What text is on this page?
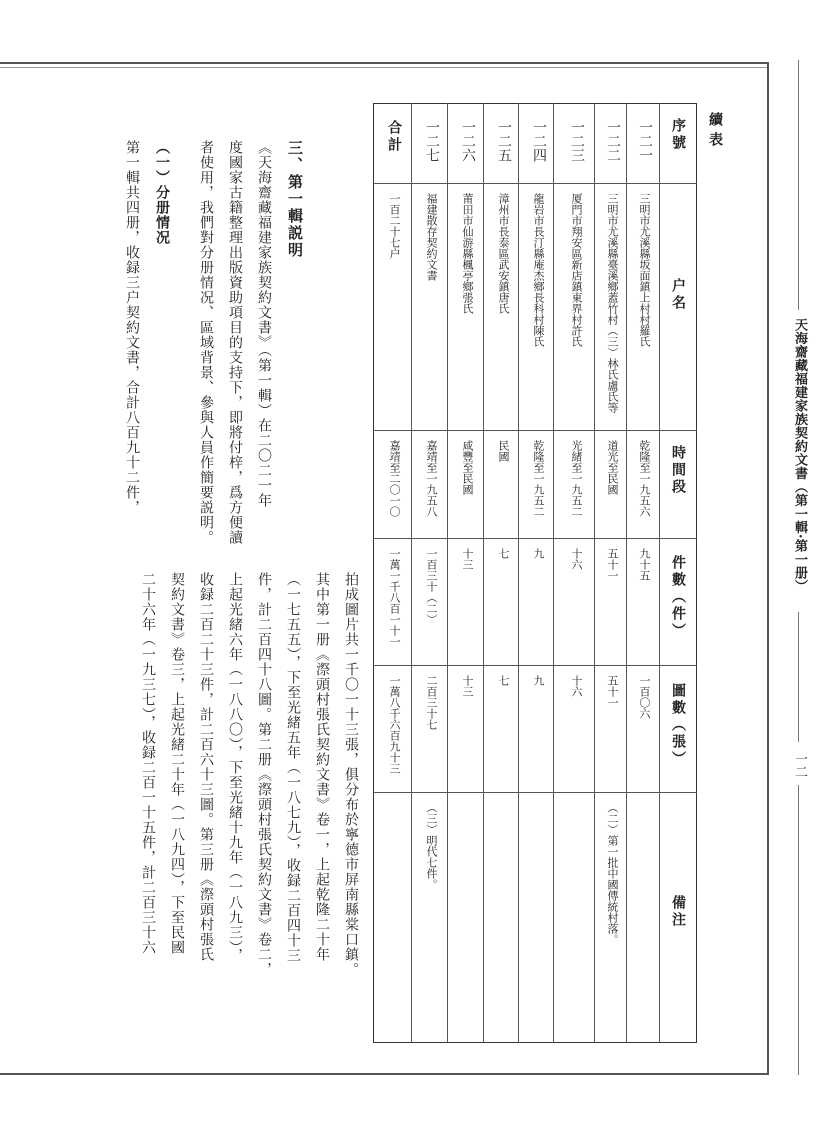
天海齋藏福建家族契約文書（第一輯·第一册）
一二
續表
序號
户名
時間段
件數（件）
圖數（張）
備注
一二一
三明市尤溪縣坂面鎮上村村羅氏
乾隆至一九五六
九十五
一百〇六
一二二
三明市尤溪縣臺溪鄉蓋竹村（三）林氏盧氏等
道光至民國
五十一
五十一
（二）第一批中國傳統村落。
一二三
厦門市翔安區新店鎮東界村許氏
光緒至一九五二
十六
十六
一二四
龍岩市長汀縣庵杰鄉長科村陳氏
乾隆至一九五二
九
九
一二五
漳州市長泰區武安鎮唐氏
民國
七
七
一二六
莆田市仙游縣楓亭鄉張氏
咸豐至民國
十三
十三
一二七
福建散存契約文書
嘉靖至一九五八
一百三十（二）
二百三十七
（三）明代七件。
合計
一百二十七户
嘉靖至二〇一〇
一萬一千八百一十一
一萬八千六百九十三
拍成圖片共一千〇一十三張，俱分布於寧德市屏南縣棠口鎮。
其中第一册《漈頭村張氏契約文書》卷一，上起乾隆二十年
（一七五五），下至光緒五年（一八七九），收録二百四十三
件，計二百四十八圖。第二册《漈頭村張氏契約文書》卷二，
上起光緒六年（一八八〇），下至光緒十九年（一八九三），
收録二百二十三件，計二百六十三圖。第三册《漈頭村張氏
契約文書》卷三，上起光緒二十年（一八九四），下至民國
二十六年（一九三七），收録二百一十五件，計二百三十六
三、第一輯説明
《天海齋藏福建家族契約文書》（第一輯）在二〇二一年
度國家古籍整理出版資助項目的支持下，即將付梓，爲方便讀
者使用，我們對分册情况、區域背景、參與人員作簡要説明。
（一）分册情况
第一輯共四册，收録三户契約文書，合計八百九十二件，
